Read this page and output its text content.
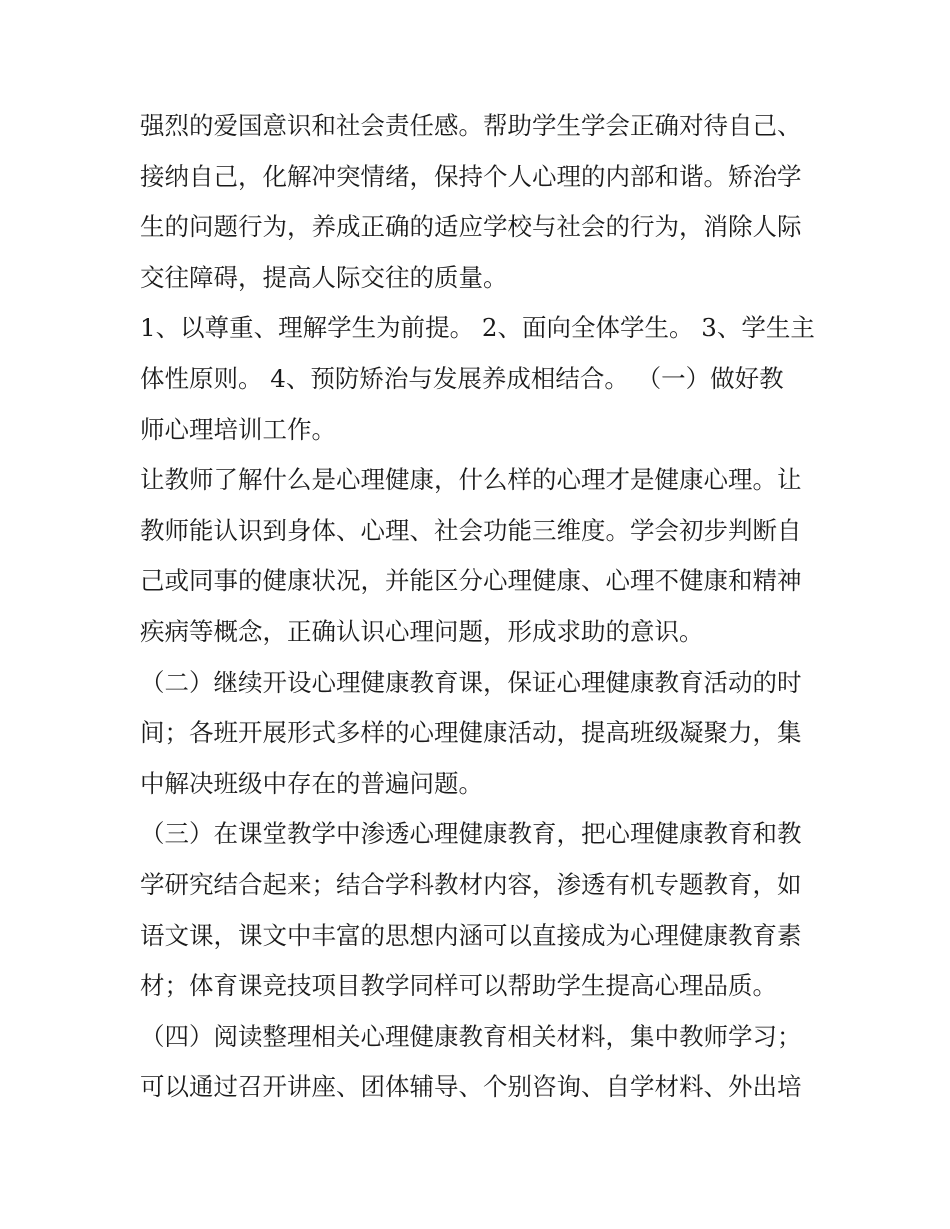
强烈的爱国意识和社会责任感。帮助学生学会正确对待自己、
接纳自己，化解冲突情绪，保持个人心理的内部和谐。矫治学
生的问题行为，养成正确的适应学校与社会的行为，消除人际
交往障碍，提高人际交往的质量。
1、以尊重、理解学生为前提。 2、面向全体学生。 3、学生主
体性原则。 4、预防矫治与发展养成相结合。 （一）做好教
师心理培训工作。
让教师了解什么是心理健康，什么样的心理才是健康心理。让
教师能认识到身体、心理、社会功能三维度。学会初步判断自
己或同事的健康状况，并能区分心理健康、心理不健康和精神
疾病等概念，正确认识心理问题，形成求助的意识。
（二）继续开设心理健康教育课，保证心理健康教育活动的时
间；各班开展形式多样的心理健康活动，提高班级凝聚力，集
中解决班级中存在的普遍问题。
（三）在课堂教学中渗透心理健康教育，把心理健康教育和教
学研究结合起来；结合学科教材内容，渗透有机专题教育，如
语文课，课文中丰富的思想内涵可以直接成为心理健康教育素
材；体育课竞技项目教学同样可以帮助学生提高心理品质。
（四）阅读整理相关心理健康教育相关材料，集中教师学习；
可以通过召开讲座、团体辅导、个别咨询、自学材料、外出培
